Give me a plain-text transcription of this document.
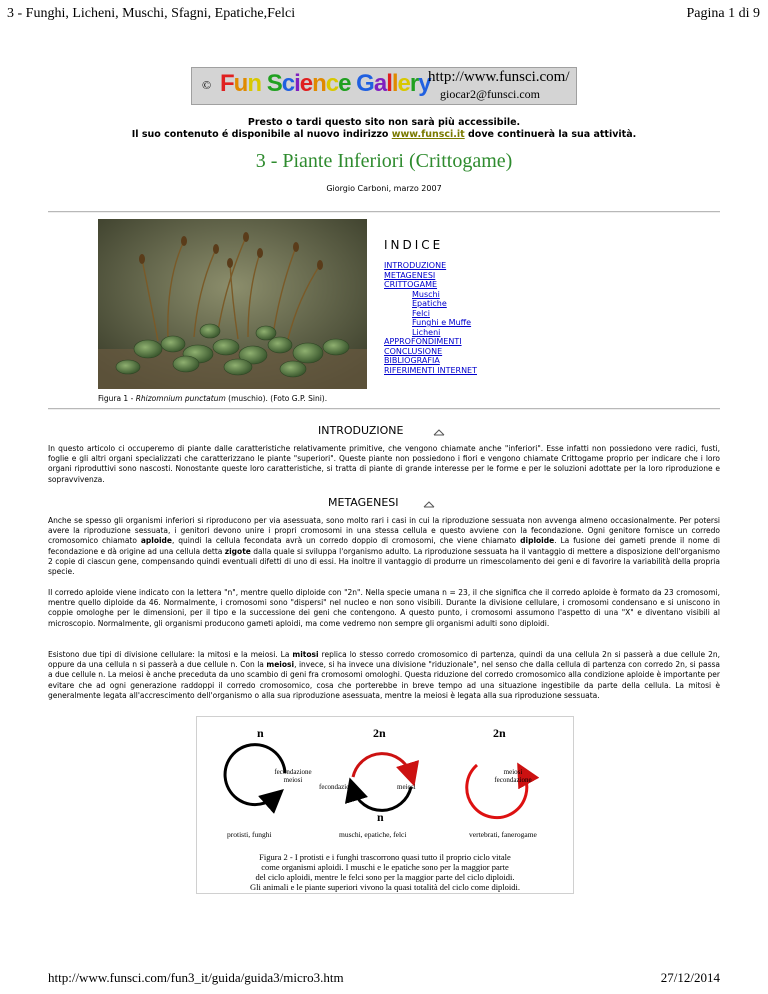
3 - Funghi, Licheni, Muschi, Sfagni, Epatiche,Felci	Pagina 1 di 9
© Fun Science Gallery
http://www.funsci.com/
giocar2@funsci.com
Presto o tardi questo sito non sarà più accessibile.
Il suo contenuto é disponibile al nuovo indirizzo www.funsci.it dove continuerà la sua attività.
3 - Piante Inferiori (Crittogame)
Giorgio Carboni, marzo 2007
Figura 1 - Rhizomnium punctatum (muschio). (Foto G.P. Sini).
INDICE
INTRODUZIONE
METAGENESI
CRITTOGAME
Muschi
Epatiche
Felci
Funghi e Muffe
Licheni
APPROFONDIMENTI
CONCLUSIONE
BIBLIOGRAFIA
RIFERIMENTI INTERNET
INTRODUZIONE
In questo articolo ci occuperemo di piante dalle caratteristiche relativamente primitive, che vengono chiamate anche "inferiori". Esse infatti non possiedono vere radici, fusti, foglie e gli altri organi specializzati che caratterizzano le piante "superiori". Queste piante non possiedono i fiori e vengono chiamate Crittogame proprio per indicare che i loro organi riproduttivi sono nascosti. Nonostante queste loro caratteristiche, si tratta di piante di grande interesse per le forme e per le soluzioni adottate per la loro riproduzione e sopravvivenza.
METAGENESI
Anche se spesso gli organismi inferiori si riproducono per via asessuata, sono molto rari i casi in cui la riproduzione sessuata non avvenga almeno occasionalmente. Per potersi avere la riproduzione sessuata, i genitori devono unire i propri cromosomi in una stessa cellula e questo avviene con la fecondazione. Ogni genitore fornisce un corredo cromosomico chiamato aploide, quindi la cellula fecondata avrà un corredo doppio di cromosomi, che viene chiamato diploide. La fusione dei gameti prende il nome di fecondazione e dà origine ad una cellula detta zigote dalla quale si sviluppa l'organismo adulto. La riproduzione sessuata ha il vantaggio di mettere a disposizione dell'organismo 2 copie di ciascun gene, compensando quindi eventuali difetti di uno di essi. Ha inoltre il vantaggio di produrre un rimescolamento dei geni e di favorire la variabilità della propria specie.
Il corredo aploide viene indicato con la lettera "n", mentre quello diploide con "2n". Nella specie umana n = 23, il che significa che il corredo aploide è formato da 23 cromosomi, mentre quello diploide da 46. Normalmente, i cromosomi sono "dispersi" nel nucleo e non sono visibili. Durante la divisione cellulare, i cromosomi condensano e si uniscono in coppie omologhe per le dimensioni, per il tipo e la successione dei geni che contengono. A questo punto, i cromosomi assumono l'aspetto di una "X" e diventano visibili al microscopio. Normalmente, gli organismi producono gameti aploidi, ma come vedremo non sempre gli organismi adulti sono diploidi.
Esistono due tipi di divisione cellulare: la mitosi e la meiosi. La mitosi replica lo stesso corredo cromosomico di partenza, quindi da una cellula 2n si passerà a due cellule 2n, oppure da una cellula n si passerà a due cellule n. Con la meiosi, invece, si ha invece una divisione "riduzionale", nel senso che dalla cellula di partenza con corredo 2n, si passa a due cellule n. La meiosi è anche preceduta da uno scambio di geni fra cromosomi omologhi. Questa riduzione del corredo cromosomico alla condizione aploide è importante per evitare che ad ogni generazione raddoppi il corredo cromosomico, cosa che porterebbe in breve tempo ad una situazione ingestibile da parte della cellula. La mitosi è generalmente legata all'accrescimento dell'organismo o alla sua riproduzione asessuata, mentre la meiosi è legata alla sua riproduzione sessuata.
n
fecondazione
meiosi
protisti, funghi
2n
fecondazione	meiosi
n
muschi, epatiche, felci
2n
meiosi
fecondazione
vertebrati, fanerogame
Figura 2 - I protisti e i funghi trascorrono quasi tutto il proprio ciclo vitale
come organismi aploidi. I muschi e le epatiche sono per la maggior parte
del ciclo aploidi, mentre le felci sono per la maggior parte del ciclo diploidi.
Gli animali e le piante superiori vivono la quasi totalità del ciclo come diploidi.
http://www.funsci.com/fun3_it/guida/guida3/micro3.htm	27/12/2014
